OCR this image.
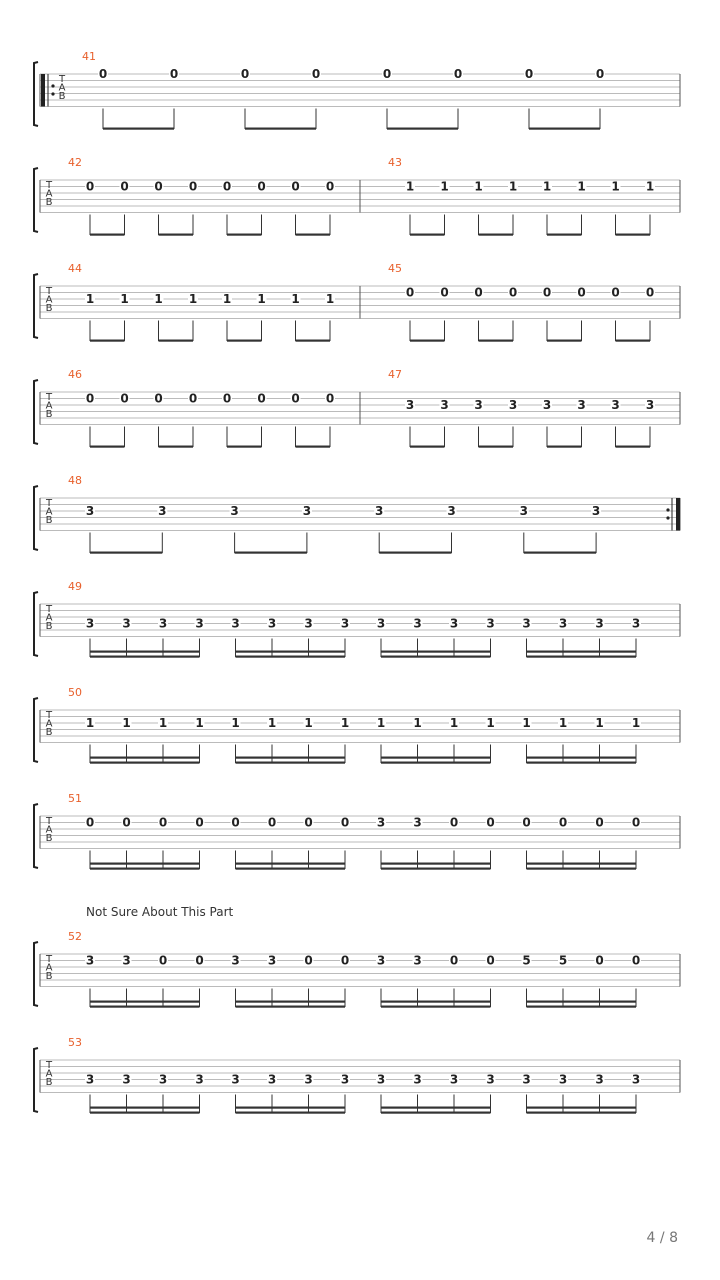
T
A
B
41
0	0	0	0	0	0	0	0
T
A
B
42
0 0 0 0 0 0 0 0
43
1 1 1 1 1 1 1 1
T
A
B
44
1 1 1 1 1 1 1 1
45
0 0 0 0 0 0 0 0
T
A
B
46
0 0 0 0 0 0 0 0
47
3 3 3 3 3 3 3 3
T
A
B
48
3	3	3	3	3	3	3	3
T
A
B
49
3 3 3 3 3 3 3 3 3 3 3 3 3 3 3 3
T
A
B
50
1 1 1 1 1 1 1 1 1 1 1 1 1 1 1 1
T
A
B
51
0 0 0 0 0 0 0 0 3 3 0 0 0 0 0 0
T
A
B
52
3 3 0 0 3 3 0 0 3 3 0 0 5 5 0 0
T
A
B
53
3 3 3 3 3 3 3 3 3 3 3 3 3 3 3 3
Not Sure About This Part
4 / 8
